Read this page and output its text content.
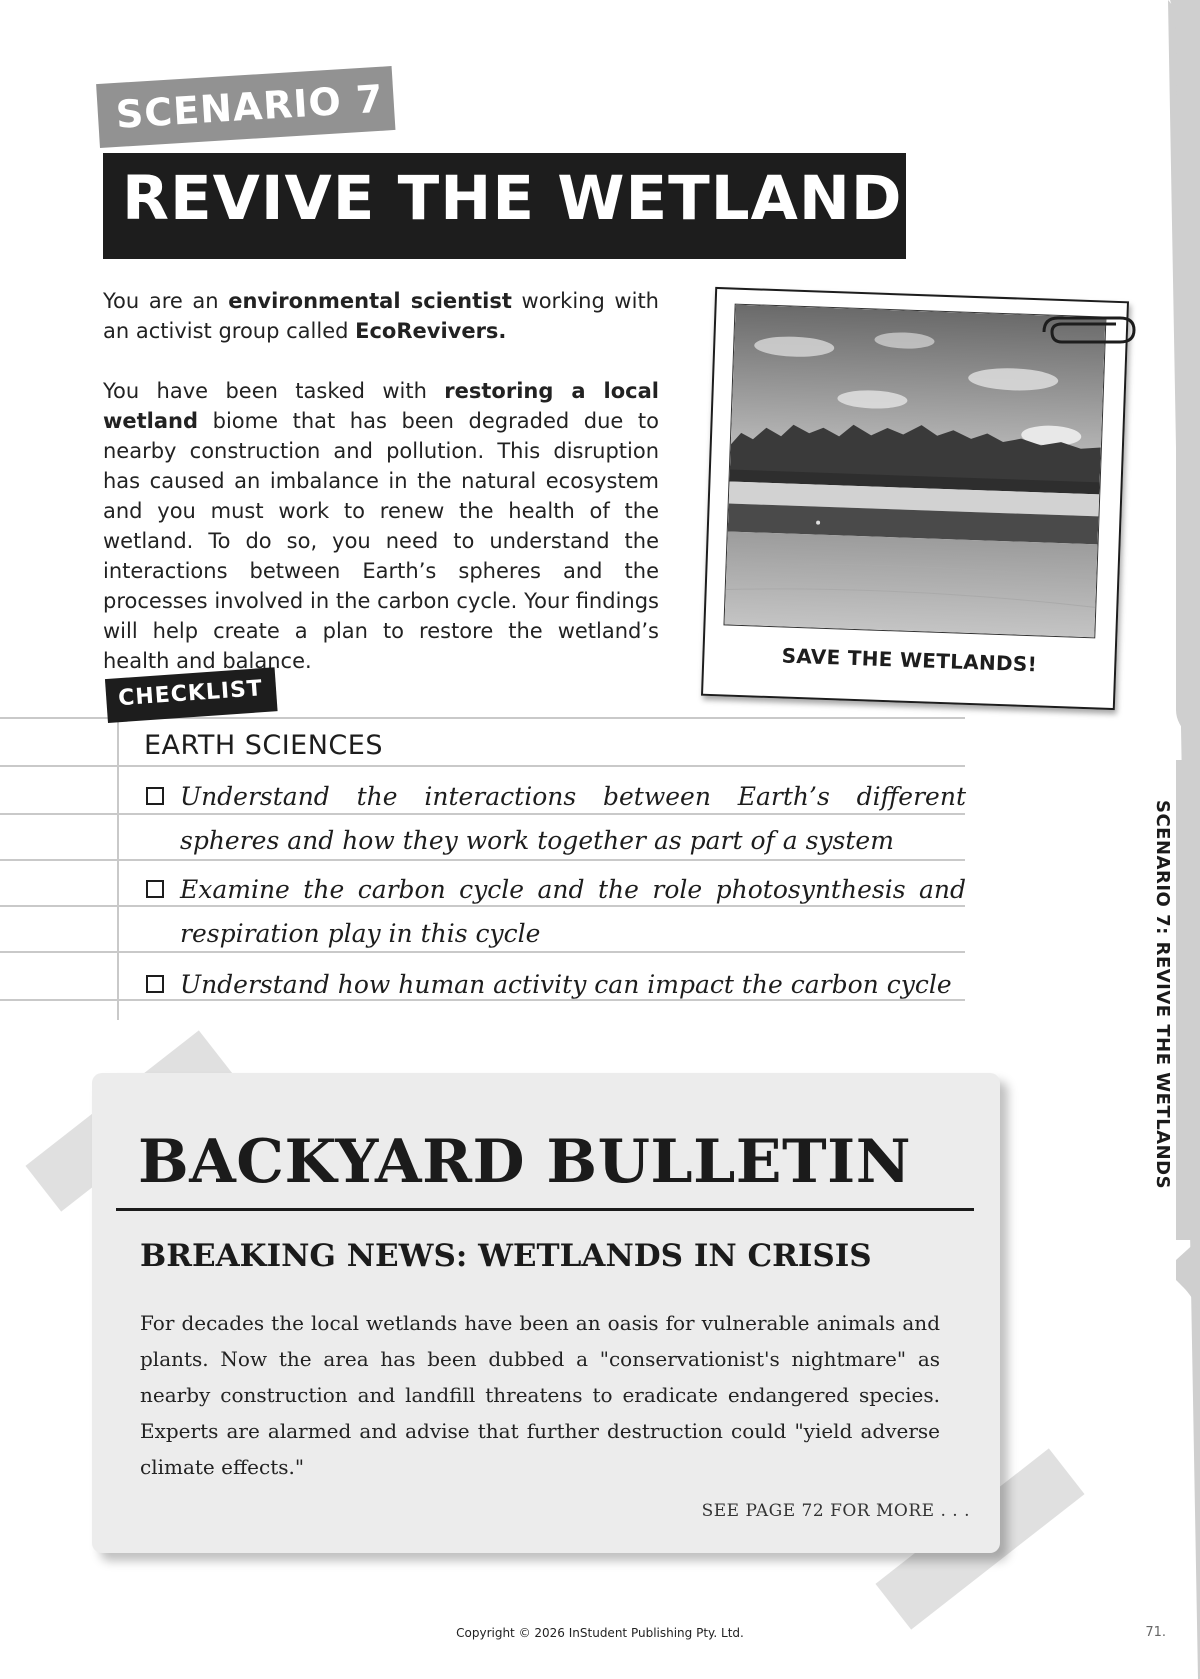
SCENARIO 7: REVIVE THE WETLANDS
SCENARIO 7
REVIVE THE WETLANDS

You are an environmental scientist working with an activist group called EcoRevivers.

You have been tasked with restoring a local wetland biome that has been degraded due to nearby construction and pollution. This disruption has caused an imbalance in the natural ecosystem and you must work to renew the health of the wetland. To do so, you need to understand the interactions between Earth’s spheres and the processes involved in the carbon cycle. Your findings will help create a plan to restore the wetland’s health and balance.	SAVE THE WETLANDS!
CHECKLIST
EARTH SCIENCES
Understand the interactions between Earth’s different spheres and how they work together as part of a system
Examine the carbon cycle and the role photosynthesis and respiration play in this cycle
Understand how human activity can impact the carbon cycle
BACKYARD BULLETIN
BREAKING NEWS: WETLANDS IN CRISIS
For decades the local wetlands have been an oasis for vulnerable animals and plants. Now the area has been dubbed a "conservationist's nightmare" as nearby construction and landfill threatens to eradicate endangered species. Experts are alarmed and advise that further destruction could "yield adverse climate effects."
SEE PAGE 72 FOR MORE . . .
Copyright © 2026 InStudent Publishing Pty. Ltd.	71.
